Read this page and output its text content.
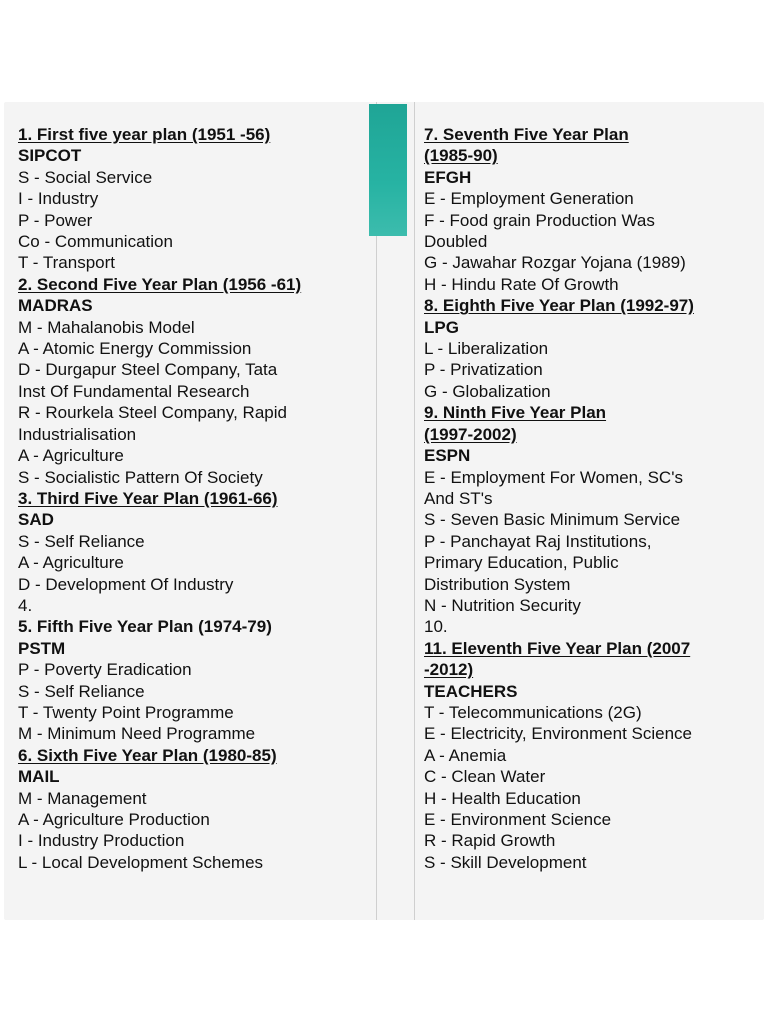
1. First five year plan (1951 -56)
SIPCOT
S - Social Service
I - Industry
P - Power
Co - Communication
T - Transport
2. Second Five Year Plan (1956 -61)
MADRAS
M - Mahalanobis Model
A - Atomic Energy Commission
D - Durgapur Steel Company, Tata
Inst Of Fundamental Research
R - Rourkela Steel Company, Rapid
Industrialisation
A - Agriculture
S - Socialistic Pattern Of Society
3. Third Five Year Plan (1961-66)
SAD
S - Self Reliance
A - Agriculture
D - Development Of Industry
4.
5. Fifth Five Year Plan (1974-79)
PSTM
P - Poverty Eradication
S - Self Reliance
T - Twenty Point Programme
M - Minimum Need Programme
6. Sixth Five Year Plan (1980-85)
MAIL
M - Management
A - Agriculture Production
I - Industry Production
L - Local Development Schemes
7. Seventh Five Year Plan
(1985-90)
EFGH
E - Employment Generation
F - Food grain Production Was
Doubled
G - Jawahar Rozgar Yojana (1989)
H - Hindu Rate Of Growth
8. Eighth Five Year Plan (1992-97)
LPG
L - Liberalization
P - Privatization
G - Globalization
9. Ninth Five Year Plan
(1997-2002)
ESPN
E - Employment For Women, SC's
And ST's
S - Seven Basic Minimum Service
P - Panchayat Raj Institutions,
Primary Education, Public
Distribution System
N - Nutrition Security
10.
11. Eleventh Five Year Plan (2007
-2012)
TEACHERS
T - Telecommunications (2G)
E - Electricity, Environment Science
A - Anemia
C - Clean Water
H - Health Education
E - Environment Science
R - Rapid Growth
S - Skill Development
